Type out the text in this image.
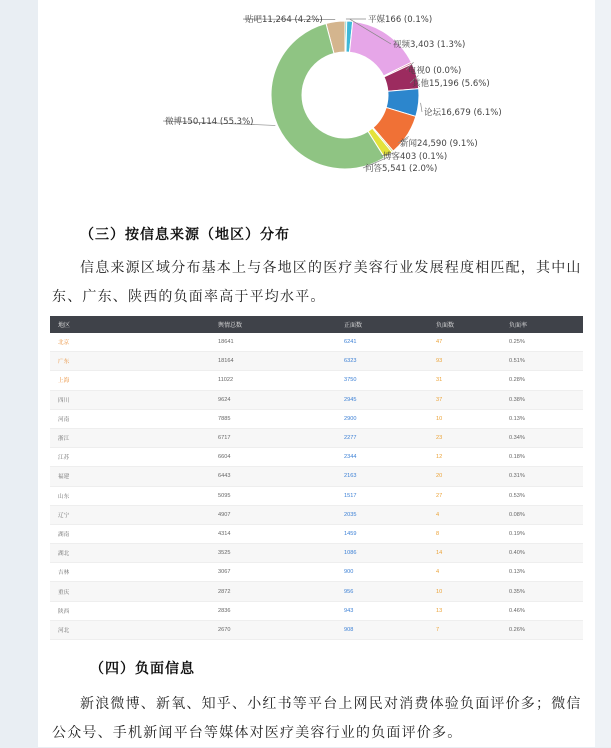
贴吧11,264 (4.2%)	平媒166 (0.1%)
视频3,403 (1.3%)
电视0 (0.0%)
其他15,196 (5.6%)
论坛16,679 (6.1%)
新闻24,590 (9.1%)
博客403 (0.1%)
问答5,541 (2.0%)
微博150,114 (55.3%)
（三）按信息来源（地区）分布
信息来源区域分布基本上与各地区的医疗美容行业发展程度相匹配，其中山东、广东、陕西的负面率高于平均水平。
地区	舆情总数	正面数	负面数	负面率
北京	18641	6241	47	0.25%
广东	18164	6323	93	0.51%
上海	11022	3750	31	0.28%
四川	9624	2945	37	0.38%
河南	7885	2900	10	0.13%
浙江	6717	2277	23	0.34%
江苏	6604	2344	12	0.18%
福建	6443	2163	20	0.31%
山东	5095	1517	27	0.53%
辽宁	4907	2035	4	0.08%
湖南	4314	1459	8	0.19%
湖北	3525	1086	14	0.40%
吉林	3067	900	4	0.13%
重庆	2872	956	10	0.35%
陕西	2836	943	13	0.46%
河北	2670	908	7	0.26%
（四）负面信息
新浪微博、新氧、知乎、小红书等平台上网民对消费体验负面评价多；微信公众号、手机新闻平台等媒体对医疗美容行业的负面评价多。
